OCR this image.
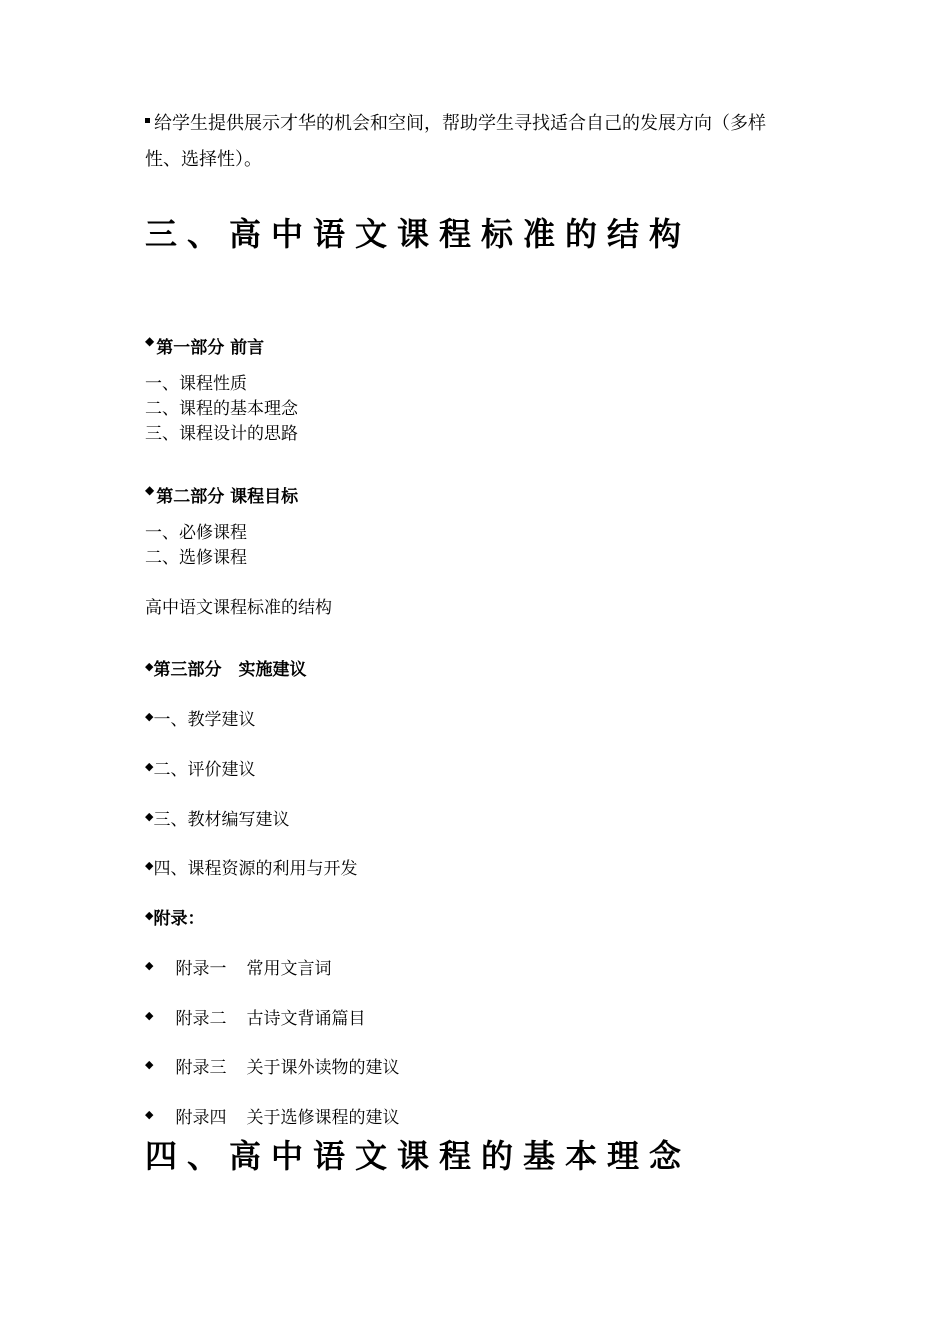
给学生提供展示才华的机会和空间，帮助学生寻找适合自己的发展方向（多样
性、选择性）。
三、高中语文课程标准的结构
◆ 第一部分 前言
一、课程性质
二、课程的基本理念
三、课程设计的思路
◆ 第二部分 课程目标
一、必修课程
二、选修课程
高中语文课程标准的结构
◆第三部分　实施建议
◆一、教学建议
◆二、评价建议
◆三、教材编写建议
◆四、课程资源的利用与开发
◆附录：
◆ 附录一 常用文言词
◆ 附录二 古诗文背诵篇目
◆ 附录三 关于课外读物的建议
◆ 附录四 关于选修课程的建议
四、高中语文课程的基本理念
